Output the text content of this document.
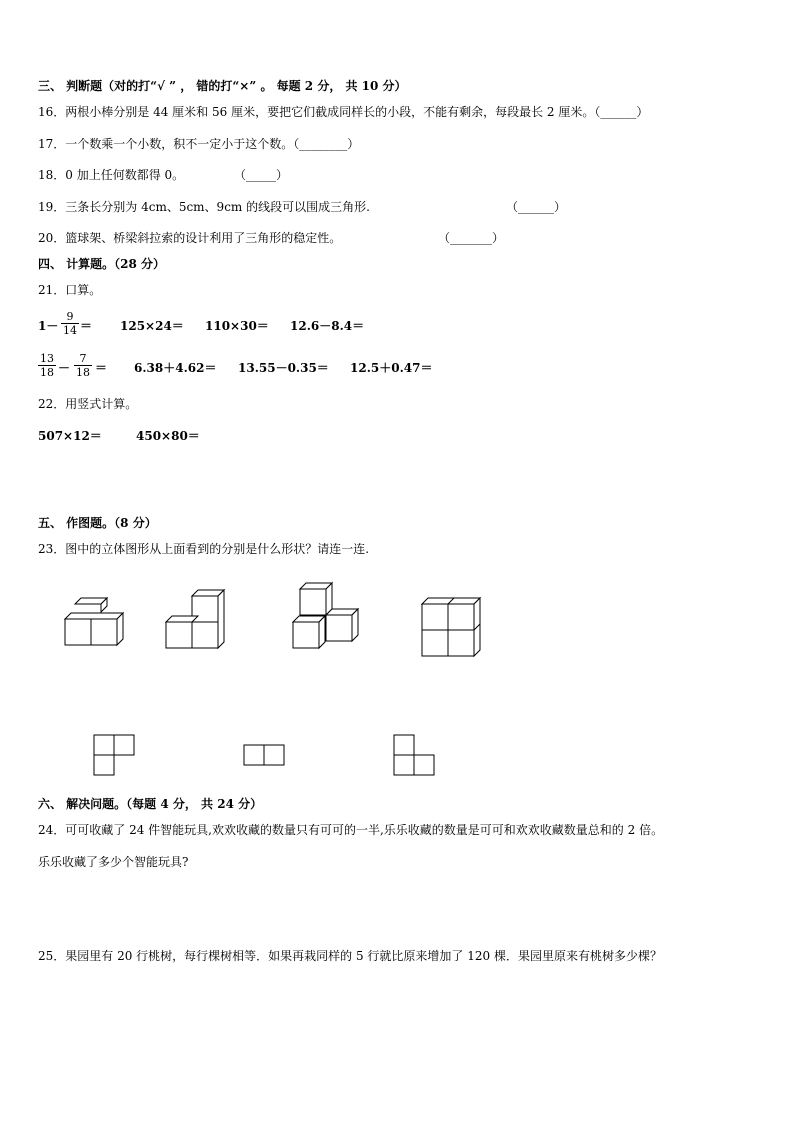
三、 判断题（对的打“√ ” ， 错的打“×” 。 每题 2 分， 共 10 分）
16．两根小棒分别是 44 厘米和 56 厘米，要把它们截成同样长的小段，不能有剩余，每段最长 2 厘米。（______）
17．一个数乘一个小数，积不一定小于这个数。（________）
18．0 加上任何数都得 0。	（_____）
19．三条长分别为 4cm、5cm、9cm 的线段可以围成三角形.	（______）
20．篮球架、桥梁斜拉索的设计利用了三角形的稳定性。	（_______）
四、 计算题。（28 分）
21．口算。
$1- \frac{9}{14} = 125\times 24= 110\times 30= 12.6-8.4=$
$\frac{13}{18} - \frac{7}{18} = 6.38+4.62= 13.55-0.35= 12.5+0.47=$
22．用竖式计算。
507×12＝	450×80＝
五、 作图题。（8 分）
23．图中的立体图形从上面看到的分别是什么形状？请连一连.
六、 解决问题。（每题 4 分， 共 24 分）
24．可可收藏了 24 件智能玩具,欢欢收藏的数量只有可可的一半,乐乐收藏的数量是可可和欢欢收藏数量总和的 2 倍。
乐乐收藏了多少个智能玩具?
25．果园里有 20 行桃树，每行棵树相等．如果再栽同样的 5 行就比原来增加了 120 棵．果园里原来有桃树多少棵？
